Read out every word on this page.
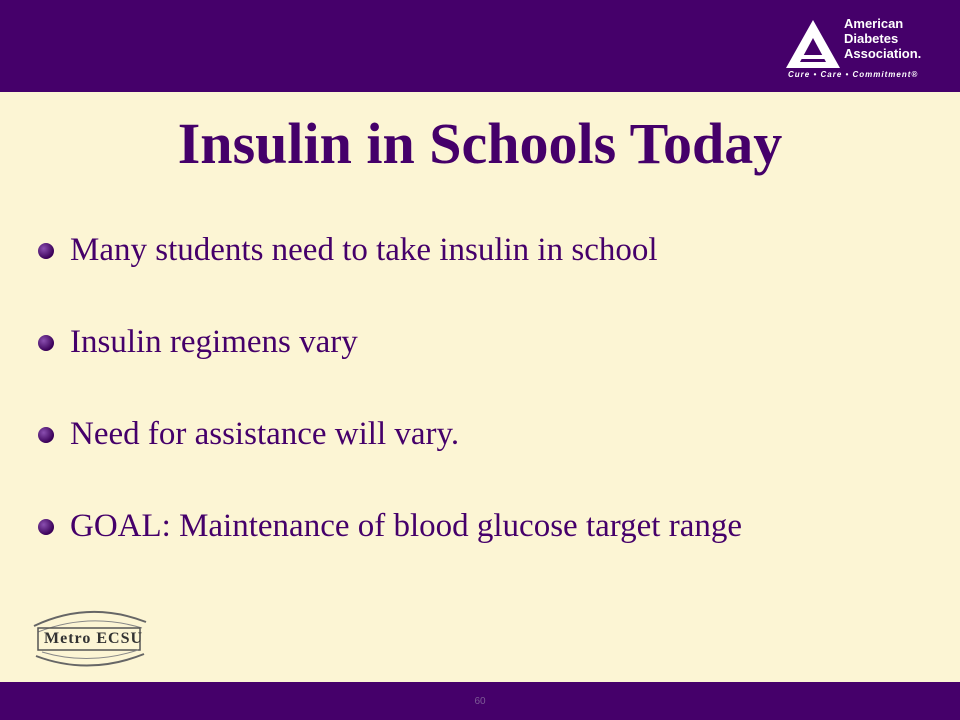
American
Diabetes
Association.
Cure • Care • Commitment®
Insulin in Schools Today
Many students need to take insulin in school
Insulin regimens vary
Need for assistance will vary.
GOAL: Maintenance of blood glucose target range
Metro ECSU
60
